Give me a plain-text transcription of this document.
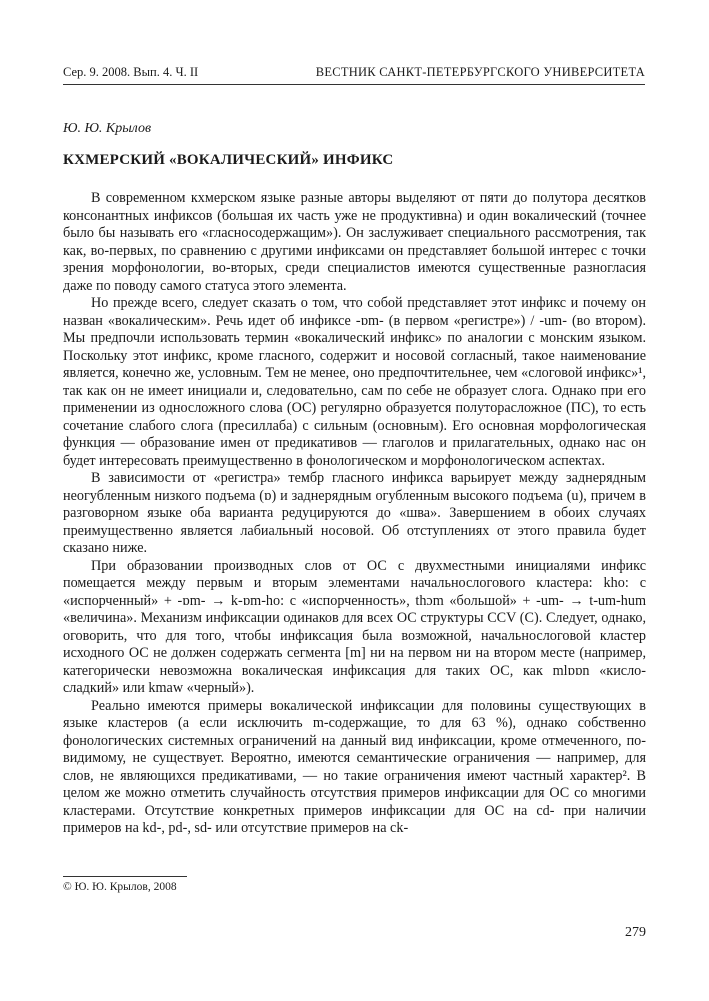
Сер. 9. 2008. Вып. 4. Ч. II	ВЕСТНИК САНКТ-ПЕТЕРБУРГСКОГО УНИВЕРСИТЕТА
Ю. Ю. Крылов
КХМЕРСКИЙ «ВОКАЛИЧЕСКИЙ» ИНФИКС

В современном кхмерском языке разные авторы выделяют от пяти до полутора десятков консонантных инфиксов (большая их часть уже не продуктивна) и один вокалический (точнее было бы называть его «гласносодержащим»). Он заслуживает специального рассмотрения, так как, во-первых, по сравнению с другими инфиксами он представляет большой интерес с точки зрения морфонологии, во-вторых, среди специалистов имеются существенные разногласия даже по поводу самого статуса этого элемента.

Но прежде всего, следует сказать о том, что собой представляет этот инфикс и почему он назван «вокалическим». Речь идет об инфиксе -ɒm- (в первом «регистре») / -um- (во втором). Мы предпочли использовать термин «вокалический инфикс» по аналогии с монским языком. Поскольку этот инфикс, кроме гласного, содержит и носовой согласный, такое наименование является, конечно же, условным. Тем не менее, оно предпочтительнее, чем «слоговой инфикс»¹, так как он не имеет инициали и, следовательно, сам по себе не образует слога. Однако при его применении из односложного слова (ОС) регулярно образуется полуторасложное (ПС), то есть сочетание слабого слога (пресиллаба) с сильным (основным). Его основная морфологическая функция — образование имен от предикативов — глаголов и прилагательных, однако нас он будет интересовать преимущественно в фонологическом и морфонологическом аспектах.

В зависимости от «регистра» тембр гласного инфикса варьирует между заднерядным неогубленным низкого подъема (ɒ) и заднерядным огубленным высокого подъема (u), причем в разговорном языке оба варианта редуцируются до «шва». Завершением в обоих случаях преимущественно является лабиальный носовой. Об отступлениях от этого правила будет сказано ниже.

При образовании производных слов от ОС с двухместными инициалями инфикс помещается между первым и вторым элементами начальнослогового кластера: kho: с «испорченный» + -ɒm- → k-ɒm-ho: с «испорченность», thɔm «большой» + -um- → t-um-hum «величина». Механизм инфиксации одинаков для всех ОС структуры CCV (C). Следует, однако, оговорить, что для того, чтобы инфиксация была возможной, начальнослоговой кластер исходного ОС не должен содержать сегмента [m] ни на первом ни на втором месте (например, категорически невозможна вокалическая инфиксация для таких ОС, как mlɒɒn «кисло-сладкий» или kmaw «черный»).

Реально имеются примеры вокалической инфиксации для половины существующих в языке кластеров (а если исключить m-содержащие, то для 63 %), однако собственно фонологических системных ограничений на данный вид инфиксации, кроме отмеченного, по-видимому, не существует. Вероятно, имеются семантические ограничения — например, для слов, не являющихся предикативами, — но такие ограничения имеют частный характер². В целом же можно отметить случайность отсутствия примеров инфиксации для ОС со многими кластерами. Отсутствие конкретных примеров инфиксации для ОС на cd- при наличии примеров на kd-, pd-, sd- или отсутствие примеров на ck-

© Ю. Ю. Крылов, 2008
279
